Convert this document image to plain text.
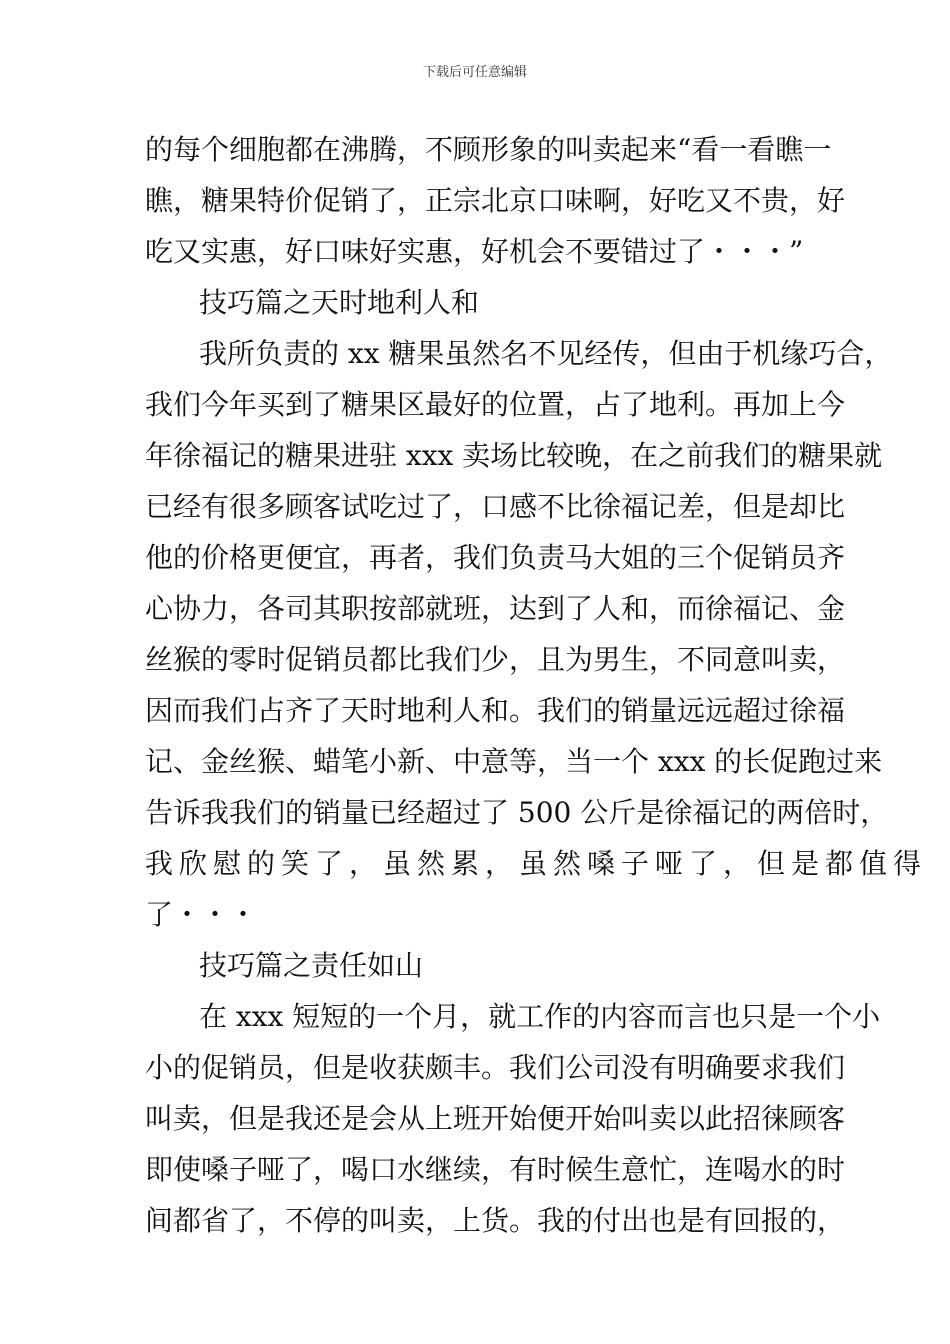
下载后可任意编辑
的每个细胞都在沸腾，不顾形象的叫卖起来“看一看瞧一
瞧，糖果特价促销了，正宗北京口味啊，好吃又不贵，好
吃又实惠，好口味好实惠，好机会不要错过了・・・”
技巧篇之天时地利人和
我所负责的 xx 糖果虽然名不见经传，但由于机缘巧合，
我们今年买到了糖果区最好的位置，占了地利。再加上今
年徐福记的糖果进驻 xxx 卖场比较晚，在之前我们的糖果就
已经有很多顾客试吃过了，口感不比徐福记差，但是却比
他的价格更便宜，再者，我们负责马大姐的三个促销员齐
心协力，各司其职按部就班，达到了人和，而徐福记、金
丝猴的零时促销员都比我们少，且为男生，不同意叫卖，
因而我们占齐了天时地利人和。我们的销量远远超过徐福
记、金丝猴、蜡笔小新、中意等，当一个 xxx 的长促跑过来
告诉我我们的销量已经超过了 500 公斤是徐福记的两倍时，
我欣慰的笑了，虽然累，虽然嗓子哑了，但是都值得
了・・・
技巧篇之责任如山
在 xxx 短短的一个月，就工作的内容而言也只是一个小
小的促销员，但是收获颇丰。我们公司没有明确要求我们
叫卖，但是我还是会从上班开始便开始叫卖以此招徕顾客
即使嗓子哑了，喝口水继续，有时候生意忙，连喝水的时
间都省了，不停的叫卖，上货。我的付出也是有回报的，
